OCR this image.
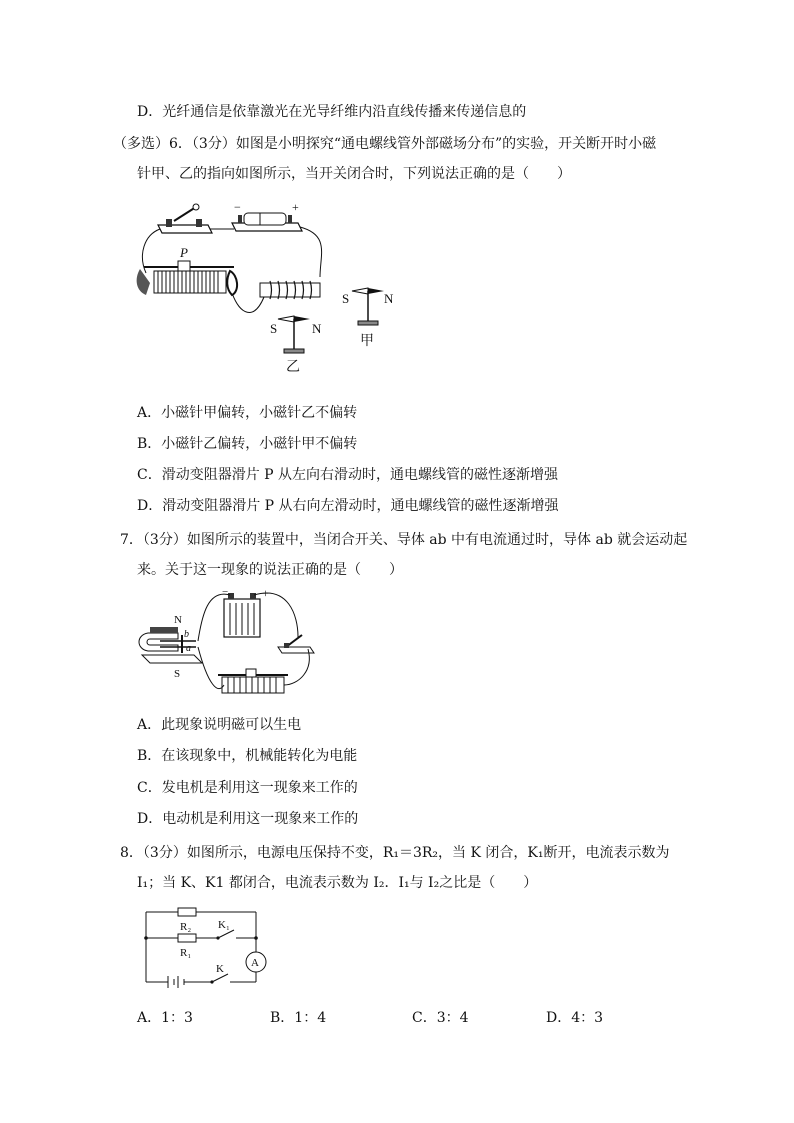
D．光纤通信是依靠激光在光导纤维内沿直线传播来传递信息的
（多选）6．（3分）如图是小明探究“通电螺线管外部磁场分布”的实验，开关断开时小磁
针甲、乙的指向如图所示，当开关闭合时，下列说法正确的是（　　）
−	+
P
S	N
甲
S	N
乙
A．小磁针甲偏转，小磁针乙不偏转
B．小磁针乙偏转，小磁针甲不偏转
C．滑动变阻器滑片 P 从左向右滑动时，通电螺线管的磁性逐渐增强
D．滑动变阻器滑片 P 从右向左滑动时，通电螺线管的磁性逐渐增强
7．（3分）如图所示的装置中，当闭合开关、导体 ab 中有电流通过时，导体 ab 就会运动起
来。关于这一现象的说法正确的是（　　）
−	+
N
S
b
a
A．此现象说明磁可以生电
B．在该现象中，机械能转化为电能
C．发电机是利用这一现象来工作的
D．电动机是利用这一现象来工作的
8．（3分）如图所示，电源电压保持不变，R₁＝3R₂，当 K 闭合，K₁断开，电流表示数为
I₁；当 K、K1 都闭合，电流表示数为 I₂．I₁与 I₂之比是（　　）
R₂
R₁
K₁
K A
A．1：3	B．1：4	C．3：4	D．4：3
